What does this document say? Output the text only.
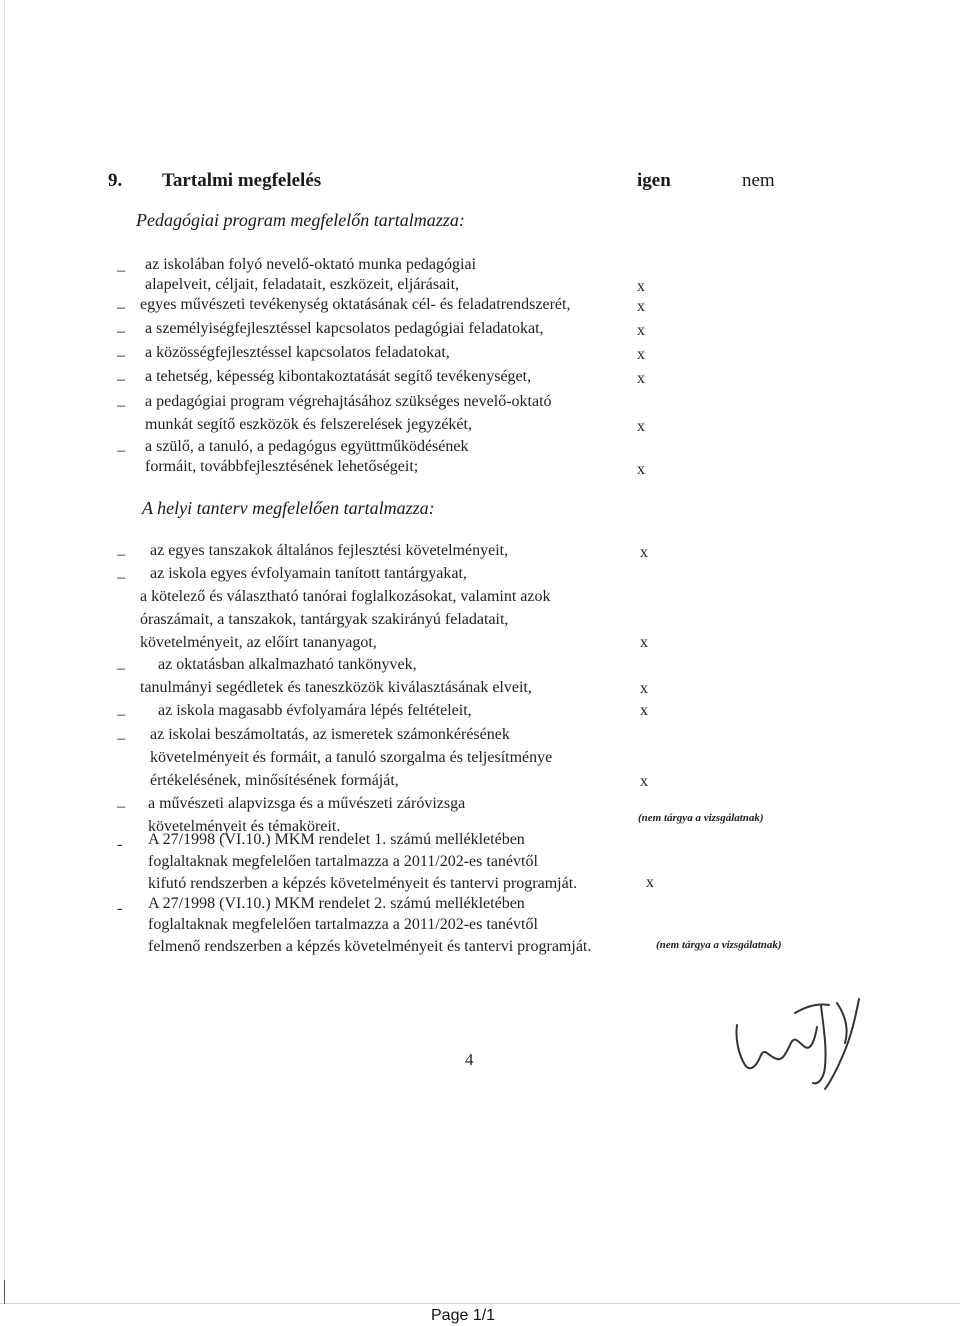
9. Tartalmi megfelelés	igen	nem
Pedagógiai program megfelelőn tartalmazza:
– az iskolában folyó nevelő-oktató munka pedagógiai
alapelveit, céljait, feladatait, eszközeit, eljárásait,	x
– egyes művészeti tevékenység oktatásának cél- és feladatrendszerét,	x
– a személyiségfejlesztéssel kapcsolatos pedagógiai feladatokat,	x
– a közösségfejlesztéssel kapcsolatos feladatokat,	x
– a tehetség, képesség kibontakoztatását segítő tevékenységet,	x
– a pedagógiai program végrehajtásához szükséges nevelő-oktató
munkát segítő eszközök és felszerelések jegyzékét,	x
– a szülő, a tanuló, a pedagógus együttműködésének
formáit, továbbfejlesztésének lehetőségeit;	x
A helyi tanterv megfelelően tartalmazza:
– az egyes tanszakok általános fejlesztési követelményeit,	x
– az iskola egyes évfolyamain tanított tantárgyakat,
a kötelező és választható tanórai foglalkozásokat, valamint azok
óraszámait, a tanszakok, tantárgyak szakirányú feladatait,
követelményeit, az előírt tananyagot,	x
– az oktatásban alkalmazható tankönyvek,
tanulmányi segédletek és taneszközök kiválasztásának elveit,	x
– az iskola magasabb évfolyamára lépés feltételeit,	x
– az iskolai beszámoltatás, az ismeretek számonkérésének
követelményeit és formáit, a tanuló szorgalma és teljesítménye
értékelésének, minősítésének formáját,	x
– a művészeti alapvizsga és a művészeti záróvizsga
követelményeit és témaköreit.	(nem tárgya a vizsgálatnak)
- A 27/1998 (VI.10.) MKM rendelet 1. számú mellékletében
foglaltaknak megfelelően tartalmazza a 2011/202-es tanévtől
kifutó rendszerben a képzés követelményeit és tantervi programját.	x
- A 27/1998 (VI.10.) MKM rendelet 2. számú mellékletében
foglaltaknak megfelelően tartalmazza a 2011/202-es tanévtől
felmenő rendszerben a képzés követelményeit és tantervi programját.	(nem tárgya a vizsgálatnak)
4
Page 1/1
